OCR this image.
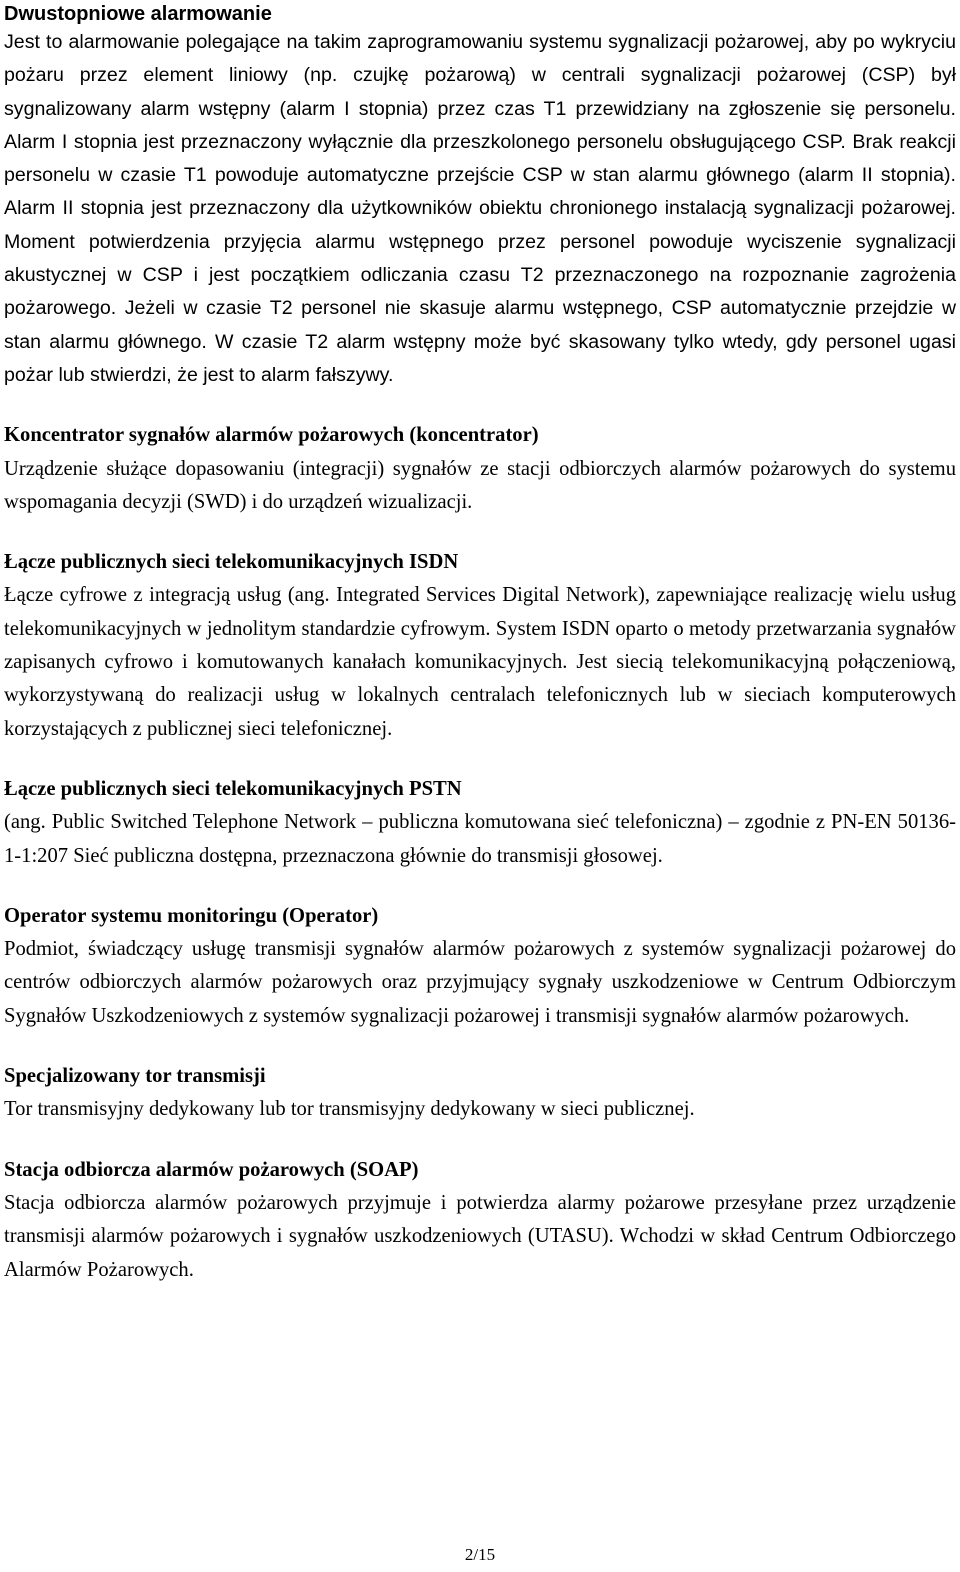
Dwustopniowe alarmowanie

Jest to alarmowanie polegające na takim zaprogramowaniu systemu sygnalizacji pożarowej, aby po wykryciu pożaru przez element liniowy (np. czujkę pożarową) w centrali sygnalizacji pożarowej (CSP) był sygnalizowany alarm wstępny (alarm I stopnia) przez czas T1 przewidziany na zgłoszenie się personelu. Alarm I stopnia jest przeznaczony wyłącznie dla przeszkolonego personelu obsługującego CSP. Brak reakcji personelu w czasie T1 powoduje automatyczne przejście CSP w stan alarmu głównego (alarm II stopnia). Alarm II stopnia jest przeznaczony dla użytkowników obiektu chronionego instalacją sygnalizacji pożarowej. Moment potwierdzenia przyjęcia alarmu wstępnego przez personel powoduje wyciszenie sygnalizacji akustycznej w CSP i jest początkiem odliczania czasu T2 przeznaczonego na rozpoznanie zagrożenia pożarowego. Jeżeli w czasie T2 personel nie skasuje alarmu wstępnego, CSP automatycznie przejdzie w stan alarmu głównego. W czasie T2 alarm wstępny może być skasowany tylko wtedy, gdy personel ugasi pożar lub stwierdzi, że jest to alarm fałszywy.

Koncentrator sygnałów alarmów pożarowych (koncentrator)

Urządzenie służące dopasowaniu (integracji) sygnałów ze stacji odbiorczych alarmów pożarowych do systemu wspomagania decyzji (SWD) i do urządzeń wizualizacji.

Łącze publicznych sieci telekomunikacyjnych ISDN

Łącze cyfrowe z integracją usług (ang. Integrated Services Digital Network), zapewniające realizację wielu usług telekomunikacyjnych w jednolitym standardzie cyfrowym. System ISDN oparto o metody przetwarzania sygnałów zapisanych cyfrowo i komutowanych kanałach komunikacyjnych. Jest siecią telekomunikacyjną połączeniową, wykorzystywaną do realizacji usług w lokalnych centralach telefonicznych lub w sieciach komputerowych korzystających z publicznej sieci telefonicznej.

Łącze publicznych sieci telekomunikacyjnych PSTN

(ang. Public Switched Telephone Network – publiczna komutowana sieć telefoniczna) – zgodnie z PN-EN 50136-1-1:207 Sieć publiczna dostępna, przeznaczona głównie do transmisji głosowej.

Operator systemu monitoringu (Operator)

Podmiot, świadczący usługę transmisji sygnałów alarmów pożarowych z systemów sygnalizacji pożarowej do centrów odbiorczych alarmów pożarowych oraz przyjmujący sygnały uszkodzeniowe w Centrum Odbiorczym Sygnałów Uszkodzeniowych z systemów sygnalizacji pożarowej i transmisji sygnałów alarmów pożarowych.

Specjalizowany tor transmisji

Tor transmisyjny dedykowany lub tor transmisyjny dedykowany w sieci publicznej.

Stacja odbiorcza alarmów pożarowych (SOAP)

Stacja odbiorcza alarmów pożarowych przyjmuje i potwierdza alarmy pożarowe przesyłane przez urządzenie transmisji alarmów pożarowych i sygnałów uszkodzeniowych (UTASU). Wchodzi w skład Centrum Odbiorczego Alarmów Pożarowych.

2/15
